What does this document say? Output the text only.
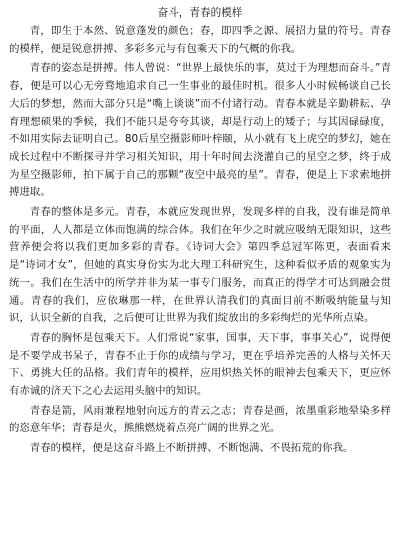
奋斗，青春的模样

青，即生于本然、锐意蓬发的颜色；春，即四季之源、展招力量的符号。青春的模样，便是锐意拼搏、多彩多元与有包乘天下的气概的你我。

青春的姿态是拼搏。伟人曾说：“世界上最快乐的事，莫过于为理想而奋斗。”青春，便是可以心无旁骛地追求自己一生事业的最佳时机。很多人小时候畅谈自己长大后的梦想，然而大部分只是“嘴上谈谈”而不付诸行动。青春本就是辛勤耕耘、孕育理想硕果的季候，我们不能只是夸夸其谈，却是行动上的矮子；与其因碌碌度，不如用实际去证明自己。80后星空摄影师叶梓颐，从小就有飞上虎空的梦幻，她在成长过程中不断探寻并学习相关知识，用十年时间去浇灌自己的星空之梦，终于成为星空摄影师，拍下属于自己的那颗“夜空中最亮的星”。青春，便是上下求索地拼搏进取。

青春的整体是多元。青春，本就应发现世界，发现多样的自我，没有谁是简单的平面，人人都是立体而饱满的综合体。我们在年少之时就应吸纳无限知识，这些营养便会将以我们更加多彩的青春。《诗词大会》第四季总冠军陈更，表面看来是“诗词才女”，但她的真实身份实为北大理工科研究生，这种看似矛盾的观象实为统一。我们在生活中的所学并非为某一事专门服务，而真正的得学才可达到融会贯通。青春的我们，应依琳那一样，在世界认清我们的真面目前不断吸纳能量与知识，认识全新的自我，之后便可让世界为我们绽放出的多彩绚烂的光华所点染。

青春的胸怀是包乘天下。人们常说“家事，国事，天下事，事事关心”，说得便是不要学成书呆子，青春不止于你的成绩与学习，更在乎培养完善的人格与关怀天下、勇挑大任的品格。我们青年的模样，应用炽热关怀的眼神去包乘天下，更应怀有赤诚的济天下之心去运用头脑中的知识。

青春是箭，风雨兼程地射向远方的青云之志；青春是画，浓墨重彩地晕染多样的恣意年华；青春是火，熊熊燃烧着点亮广阔的世界之光。

青春的模样，便是这奋斗路上不断拼搏、不断饱满、不畏拓荒的你我。
